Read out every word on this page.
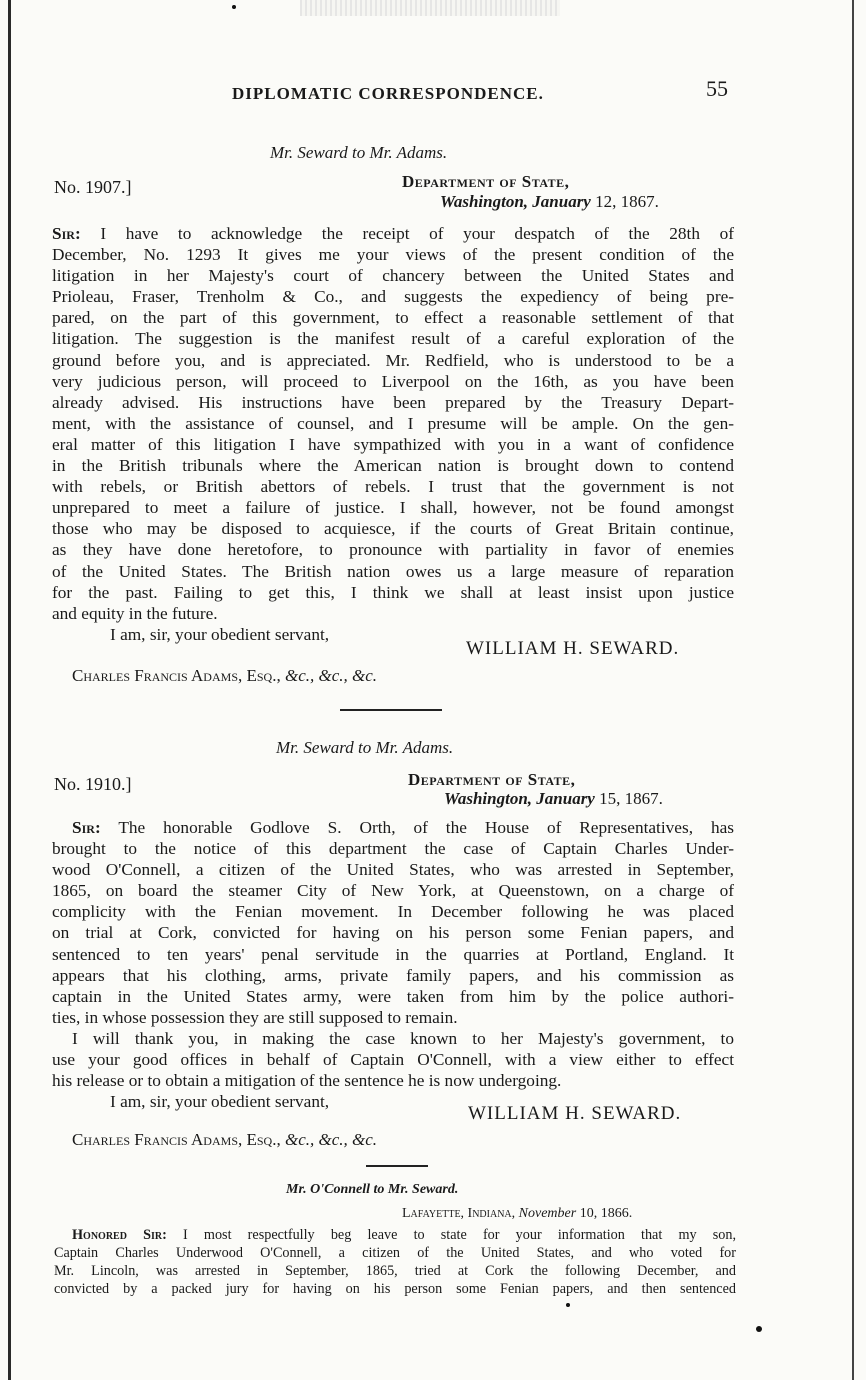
DIPLOMATIC CORRESPONDENCE.	55
Mr. Seward to Mr. Adams.
No. 1907.]	Department of State,
Washington, January 12, 1867.
Sir: I have to acknowledge the receipt of your despatch of the 28th of
December, No. 1293 It gives me your views of the present condition of the
litigation in her Majesty's court of chancery between the United States and
Prioleau, Fraser, Trenholm & Co., and suggests the expediency of being pre-
pared, on the part of this government, to effect a reasonable settlement of that
litigation. The suggestion is the manifest result of a careful exploration of the
ground before you, and is appreciated. Mr. Redfield, who is understood to be a
very judicious person, will proceed to Liverpool on the 16th, as you have been
already advised. His instructions have been prepared by the Treasury Depart-
ment, with the assistance of counsel, and I presume will be ample. On the gen-
eral matter of this litigation I have sympathized with you in a want of confidence
in the British tribunals where the American nation is brought down to contend
with rebels, or British abettors of rebels. I trust that the government is not
unprepared to meet a failure of justice. I shall, however, not be found amongst
those who may be disposed to acquiesce, if the courts of Great Britain continue,
as they have done heretofore, to pronounce with partiality in favor of enemies
of the United States. The British nation owes us a large measure of reparation
for the past. Failing to get this, I think we shall at least insist upon justice
and equity in the future.
I am, sir, your obedient servant,
WILLIAM H. SEWARD.
Charles Francis Adams, Esq., &c., &c., &c.
Mr. Seward to Mr. Adams.
No. 1910.]	Department of State,
Washington, January 15, 1867.
Sir: The honorable Godlove S. Orth, of the House of Representatives, has
brought to the notice of this department the case of Captain Charles Under-
wood O'Connell, a citizen of the United States, who was arrested in September,
1865, on board the steamer City of New York, at Queenstown, on a charge of
complicity with the Fenian movement. In December following he was placed
on trial at Cork, convicted for having on his person some Fenian papers, and
sentenced to ten years' penal servitude in the quarries at Portland, England. It
appears that his clothing, arms, private family papers, and his commission as
captain in the United States army, were taken from him by the police authori-
ties, in whose possession they are still supposed to remain.
I will thank you, in making the case known to her Majesty's government, to
use your good offices in behalf of Captain O'Connell, with a view either to effect
his release or to obtain a mitigation of the sentence he is now undergoing.
I am, sir, your obedient servant,
WILLIAM H. SEWARD.
Charles Francis Adams, Esq., &c., &c., &c.
Mr. O'Connell to Mr. Seward.
Lafayette, Indiana, November 10, 1866.
Honored Sir: I most respectfully beg leave to state for your information that my son,
Captain Charles Underwood O'Connell, a citizen of the United States, and who voted for
Mr. Lincoln, was arrested in September, 1865, tried at Cork the following December, and
convicted by a packed jury for having on his person some Fenian papers, and then sentenced
